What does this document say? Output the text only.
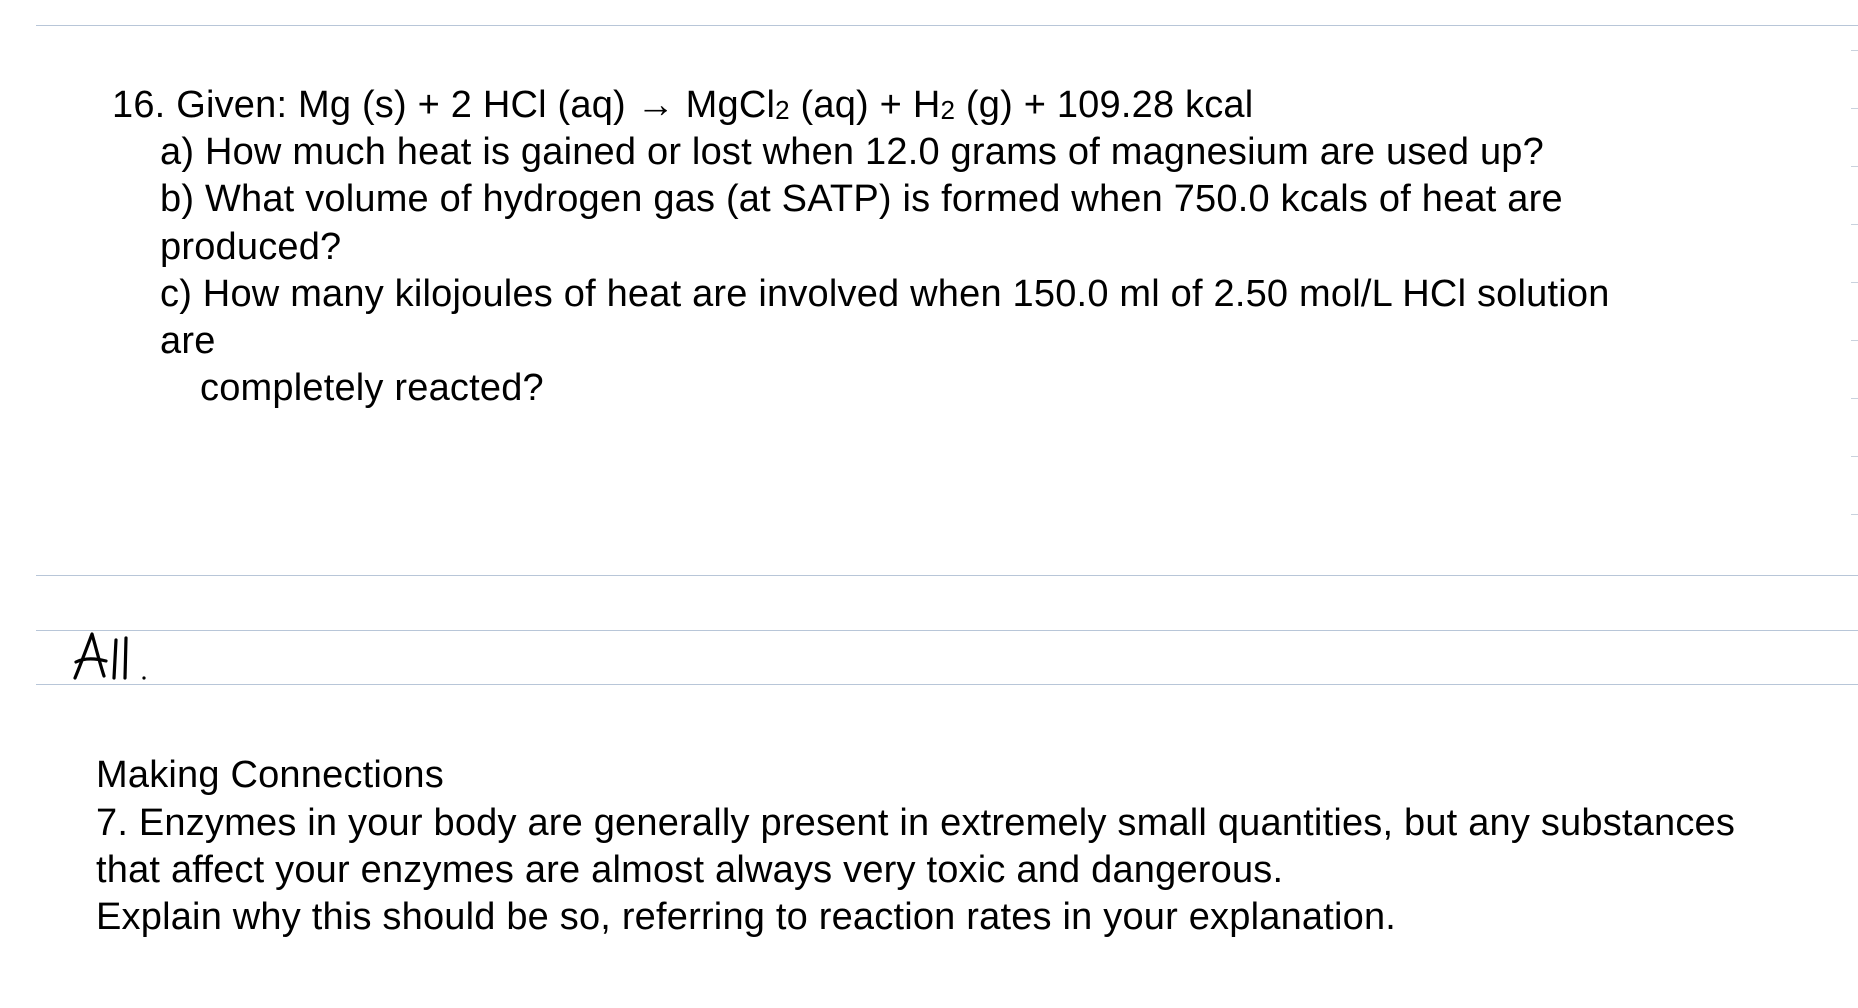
16. Given: Mg (s) + 2 HCl (aq) → MgCl$_2$ $(aq) + H_2$ (g) + 109.28 kcal
a) How much heat is gained or lost when 12.0 grams of magnesium are used up?
b) What volume of hydrogen gas (at SATP) is formed when 750.0 kcals of heat are
produced?
c) How many kilojoules of heat are involved when 150.0 ml of 2.50 mol/L HCl solution
are
completely reacted?
Making Connections
7. Enzymes in your body are generally present in extremely small quantities, but any substances
that affect your enzymes are almost always very toxic and dangerous.
Explain why this should be so, referring to reaction rates in your explanation.
